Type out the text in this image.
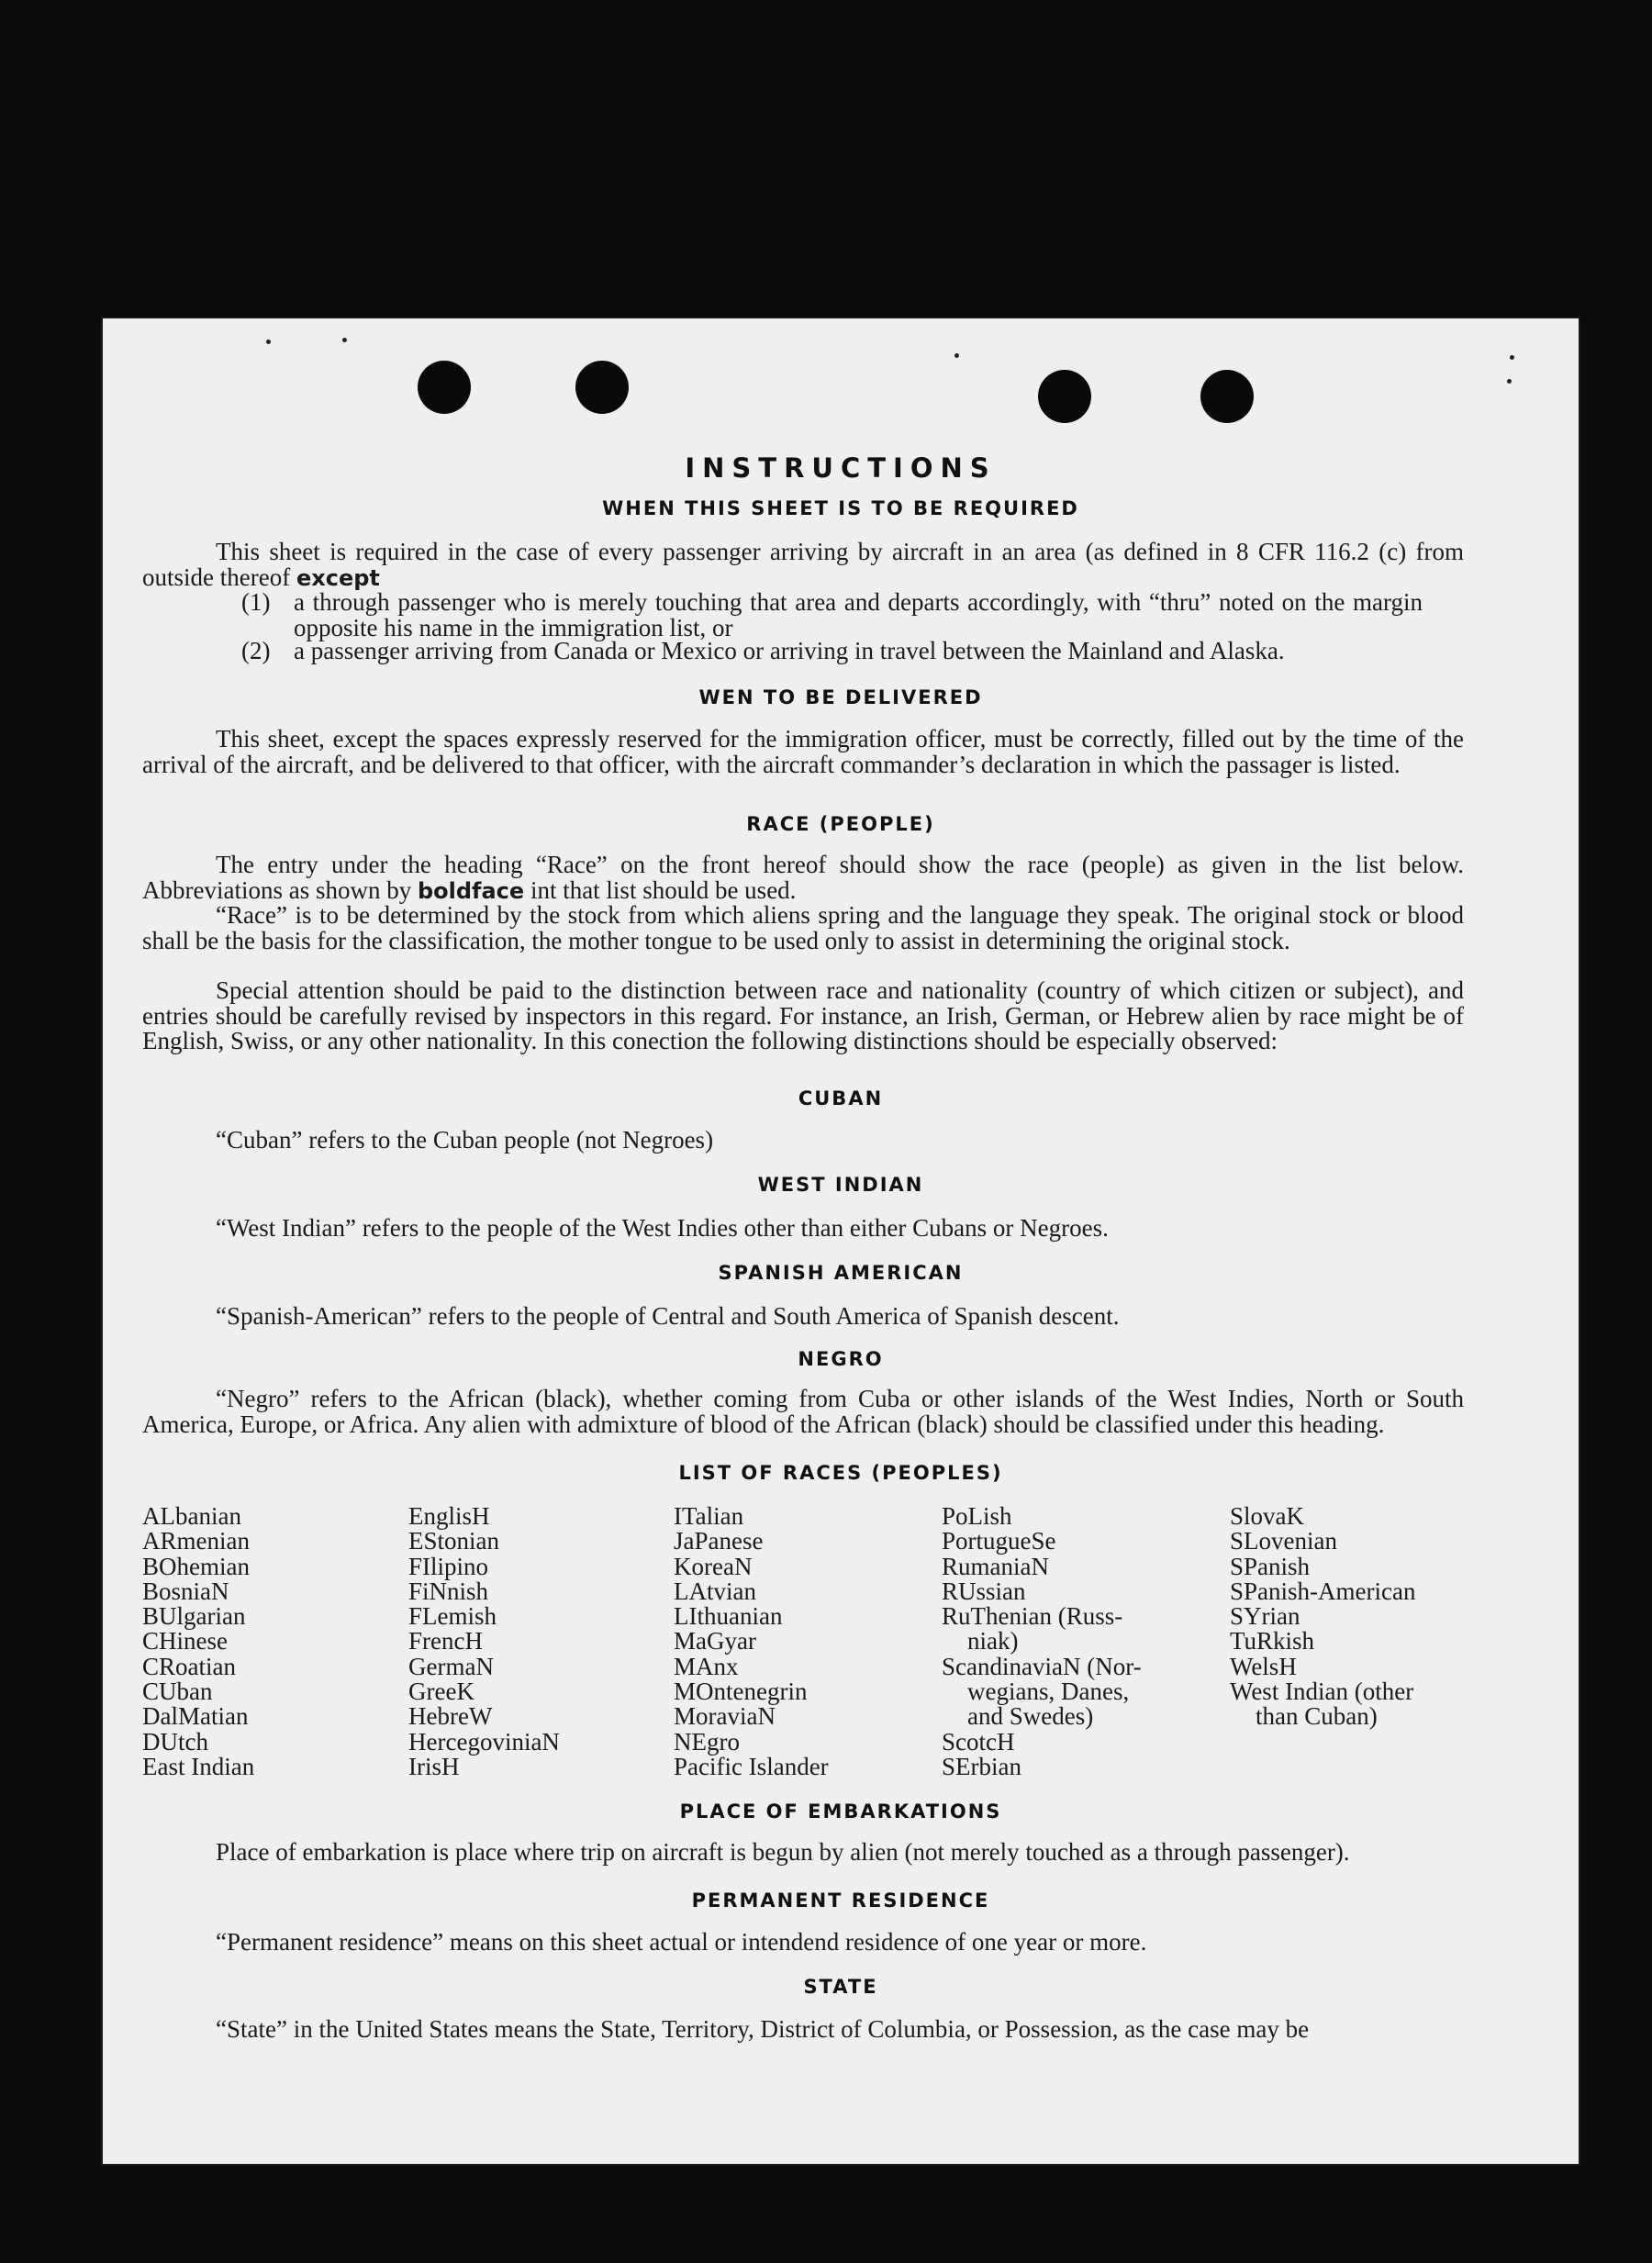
INSTRUCTIONS
WHEN THIS SHEET IS TO BE REQUIRED
This sheet is required in the case of every passenger arriving by aircraft in an area (as defined in 8 CFR 116.2 (c) from outside thereof except
(1) a through passenger who is merely touching that area and departs accordingly, with “thru” noted on the margin opposite his name in the immigration list, or
(2) a passenger arriving from Canada or Mexico or arriving in travel between the Mainland and Alaska.
WEN TO BE DELIVERED
This sheet, except the spaces expressly reserved for the immigration officer, must be correctly, filled out by the time of the arrival of the aircraft, and be delivered to that officer, with the aircraft commander’s declaration in which the passager is listed.
RACE (PEOPLE)
The entry under the heading “Race” on the front hereof should show the race (people) as given in the list below. Abbreviations as shown by boldface int that list should be used.
“Race” is to be determined by the stock from which aliens spring and the language they speak. The original stock or blood shall be the basis for the classification, the mother tongue to be used only to assist in determining the original stock.
Special attention should be paid to the distinction between race and nationality (country of which citizen or subject), and entries should be carefully revised by inspectors in this regard. For instance, an Irish, German, or Hebrew alien by race might be of English, Swiss, or any other nationality. In this conection the following distinctions should be especially observed:
CUBAN
“Cuban” refers to the Cuban people (not Negroes)
WEST INDIAN
“West Indian” refers to the people of the West Indies other than either Cubans or Negroes.
SPANISH AMERICAN
“Spanish-American” refers to the people of Central and South America of Spanish descent.
NEGRO
“Negro” refers to the African (black), whether coming from Cuba or other islands of the West Indies, North or South America, Europe, or Africa. Any alien with admixture of blood of the African (black) should be classified under this heading.
LIST OF RACES (PEOPLES)
ALbanian
ARmenian
BOhemian
BosniaN
BUlgarian
CHinese
CRoatian
CUban
DalMatian
DUtch
East Indian
EnglisH
EStonian
FIlipino
FiNnish
FLemish
FrencH
GermaN
GreeK
HebreW
HercegoviniaN
IrisH
ITalian
JaPanese
KoreaN
LAtvian
LIthuanian
MaGyar
MAnx
MOntenegrin
MoraviaN
NEgro
Pacific Islander
PoLish
PortugueSe
RumaniaN
RUssian
RuThenian (Russ-
niak)
ScandinaviaN (Nor-
wegians, Danes,
and Swedes)
ScotcH
SErbian
SlovaK
SLovenian
SPanish
SPanish-American
SYrian
TuRkish
WelsH
West Indian (other
than Cuban)
PLACE OF EMBARKATIONS
Place of embarkation is place where trip on aircraft is begun by alien (not merely touched as a through passenger).
PERMANENT RESIDENCE
“Permanent residence” means on this sheet actual or intendend residence of one year or more.
STATE
“State” in the United States means the State, Territory, District of Columbia, or Possession, as the case may be
